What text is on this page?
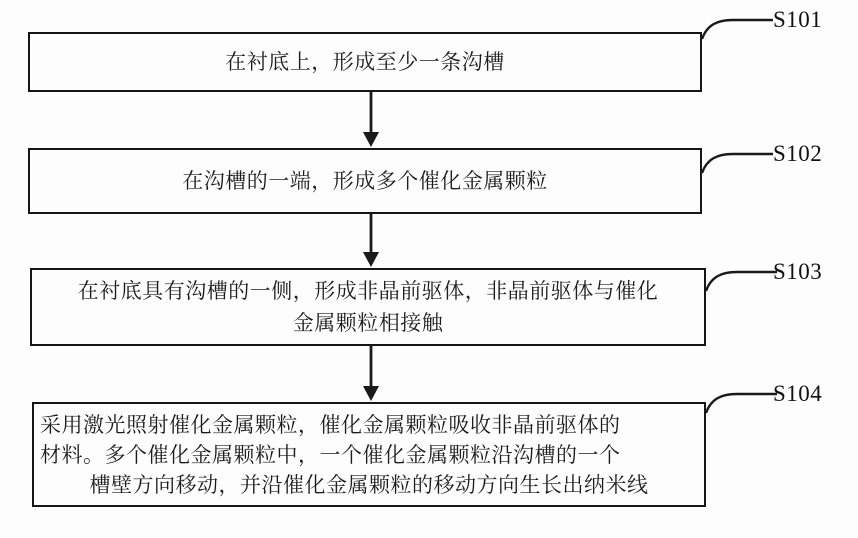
在衬底上，形成至少一条沟槽
S101
在沟槽的一端，形成多个催化金属颗粒
S102
在衬底具有沟槽的一侧，形成非晶前驱体，非晶前驱体与催化
金属颗粒相接触
S103
采用激光照射催化金属颗粒，催化金属颗粒吸收非晶前驱体的
材料。多个催化金属颗粒中，一个催化金属颗粒沿沟槽的一个
槽壁方向移动，并沿催化金属颗粒的移动方向生长出纳米线
S104
